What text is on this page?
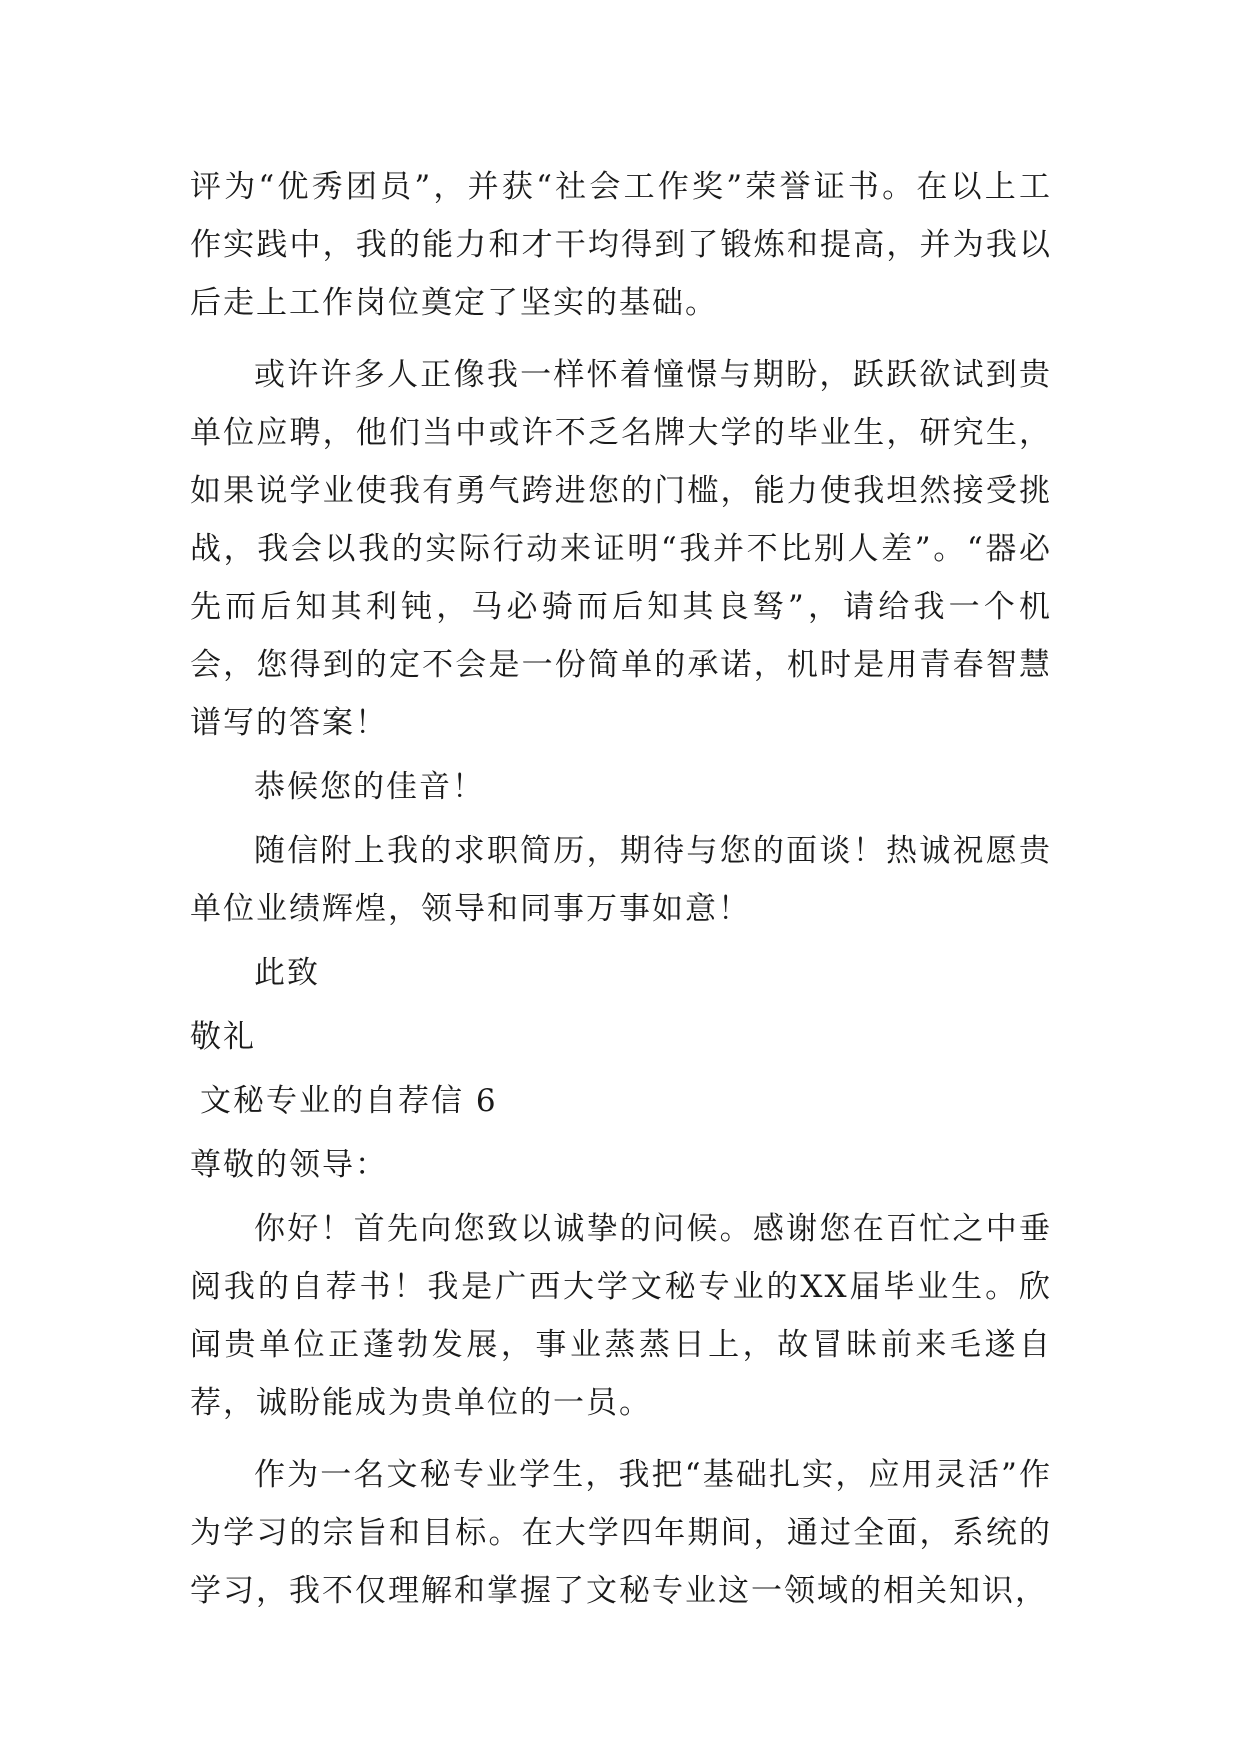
评为“优秀团员”，并获“社会工作奖”荣誉证书。在以上工作实践中，我的能力和才干均得到了锻炼和提高，并为我以后走上工作岗位奠定了坚实的基础。

或许许多人正像我一样怀着憧憬与期盼，跃跃欲试到贵单位应聘，他们当中或许不乏名牌大学的毕业生，研究生，如果说学业使我有勇气跨进您的门槛，能力使我坦然接受挑战，我会以我的实际行动来证明“我并不比别人差”。“器必先而后知其利钝，马必骑而后知其良驽”，请给我一个机会，您得到的定不会是一份简单的承诺，机时是用青春智慧谱写的答案！

恭候您的佳音！

随信附上我的求职简历，期待与您的面谈！热诚祝愿贵单位业绩辉煌，领导和同事万事如意！

此致

敬礼

文秘专业的自荐信 6

尊敬的领导：

你好！首先向您致以诚挚的问候。感谢您在百忙之中垂阅我的自荐书！我是广西大学文秘专业的XX届毕业生。欣闻贵单位正蓬勃发展，事业蒸蒸日上，故冒昧前来毛遂自荐，诚盼能成为贵单位的一员。

作为一名文秘专业学生，我把“基础扎实，应用灵活”作为学习的宗旨和目标。在大学四年期间，通过全面，系统的学习，我不仅理解和掌握了文秘专业这一领域的相关知识，
